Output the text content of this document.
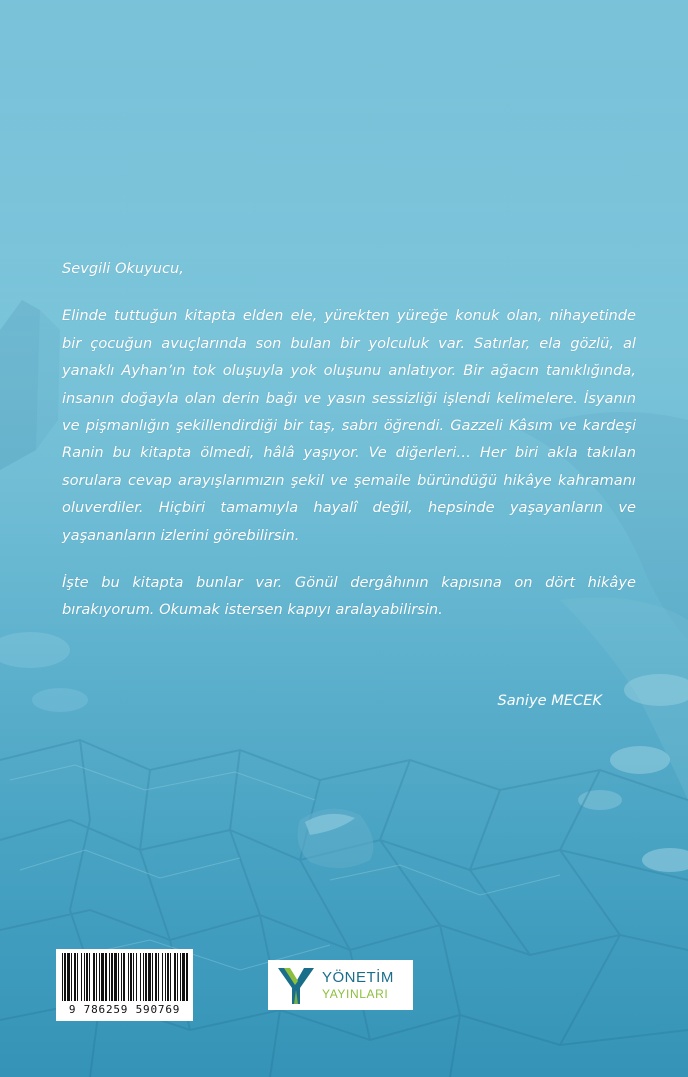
Sevgili Okuyucu,

Elinde tuttuğun kitapta elden ele, yürekten yüreğe konuk olan, nihayetinde bir çocuğun avuçlarında son bulan bir yolculuk var. Satırlar, ela gözlü, al yanaklı Ayhan’ın tok oluşuyla yok oluşunu anlatıyor. Bir ağacın tanıklığında, insanın doğayla olan derin bağı ve yasın sessizliği işlendi kelimelere. İsyanın ve pişmanlığın şekillendirdiği bir taş, sabrı öğrendi. Gazzeli Kâsım ve kardeşi Ranin bu kitapta ölmedi, hâlâ yaşıyor. Ve diğerleri… Her biri akla takılan sorulara cevap arayışlarımızın şekil ve şemaile büründüğü hikâye kahramanı oluverdiler. Hiçbiri tamamıyla hayalî değil, hepsinde yaşayanların ve yaşananların izlerini görebilirsin.

İşte bu kitapta bunlar var. Gönül dergâhının kapısına on dört hikâye bırakıyorum. Okumak istersen kapıyı aralayabilirsin.

Saniye MECEK
9 786259 590769
YÖNETİM
YAYINLARI
